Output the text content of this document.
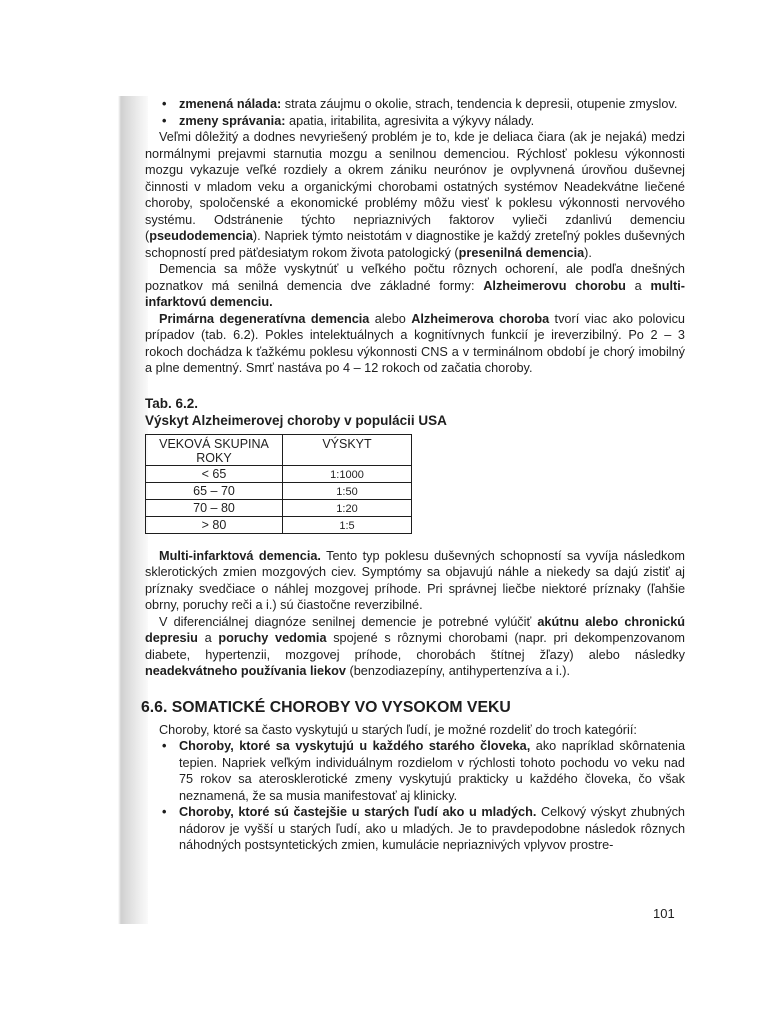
• zmenená nálada: strata záujmu o okolie, strach, tendencia k depresii, otupenie zmyslov.
• zmeny správania: apatia, iritabilita, agresivita a výkyvy nálady.

Veľmi dôležitý a dodnes nevyriešený problém je to, kde je deliaca čiara (ak je nejaká) medzi normálnymi prejavmi starnutia mozgu a senilnou demenciou. Rýchlosť poklesu výkonnosti mozgu vykazuje veľké rozdiely a okrem zániku neurónov je ovplyvnená úrovňou duševnej činnosti v mladom veku a organickými chorobami ostatných systémov Neadekvátne liečené choroby, spoločenské a ekonomické problémy môžu viesť k poklesu výkonnosti nervového systému. Odstránenie týchto nepriaznivých faktorov vylieči zdanlivú demenciu (pseudodemencia). Napriek týmto neistotám v diagnostike je každý zreteľný pokles duševných schopností pred päťdesiatym rokom života patologický (presenilná demencia).

Demencia sa môže vyskytnúť u veľkého počtu rôznych ochorení, ale podľa dnešných poznatkov má senilná demencia dve základné formy: Alzheimerovu chorobu a multi-infarktovú demenciu.

Primárna degeneratívna demencia alebo Alzheimerova choroba tvorí viac ako polovicu prípadov (tab. 6.2). Pokles intelektuálnych a kognitívnych funkcií je ireverzibilný. Po 2 – 3 rokoch dochádza k ťažkému poklesu výkonnosti CNS a v terminálnom období je chorý imobilný a plne dementný. Smrť nastáva po 4 – 12 rokoch od začatia choroby.

Tab. 6.2.
Výskyt Alzheimerovej choroby v populácii USA
VEKOVÁ SKUPINA ROKY	VÝSKYT
< 65	1:1000
65 – 70	1:50
70 – 80	1:20
> 80	1:5

Multi-infarktová demencia. Tento typ poklesu duševných schopností sa vyvíja následkom sklerotických zmien mozgových ciev. Symptómy sa objavujú náhle a niekedy sa dajú zistiť aj príznaky svedčiace o náhlej mozgovej príhode. Pri správnej liečbe niektoré príznaky (ľahšie obrny, poruchy reči a i.) sú čiastočne reverzibilné.

V diferenciálnej diagnóze senilnej demencie je potrebné vylúčiť akútnu alebo chronickú depresiu a poruchy vedomia spojené s rôznymi chorobami (napr. pri dekompenzovanom diabete, hypertenzii, mozgovej príhode, chorobách štítnej žľazy) alebo následky neadekvátneho používania liekov (benzodiazepíny, antihypertenzíva a i.).

6.6. SOMATICKÉ CHOROBY VO VYSOKOM VEKU

Choroby, ktoré sa často vyskytujú u starých ľudí, je možné rozdeliť do troch kategórií:

• Choroby, ktoré sa vyskytujú u každého starého človeka, ako napríklad skôrnatenia tepien. Napriek veľkým individuálnym rozdielom v rýchlosti tohoto pochodu vo veku nad 75 rokov sa aterosklerotické zmeny vyskytujú prakticky u každého človeka, čo však neznamená, že sa musia manifestovať aj klinicky.
• Choroby, ktoré sú častejšie u starých ľudí ako u mladých. Celkový výskyt zhubných nádorov je vyšší u starých ľudí, ako u mladých. Je to pravdepodobne následok rôznych náhodných postsyntetických zmien, kumulácie nepriaznivých vplyvov prostre-
101
